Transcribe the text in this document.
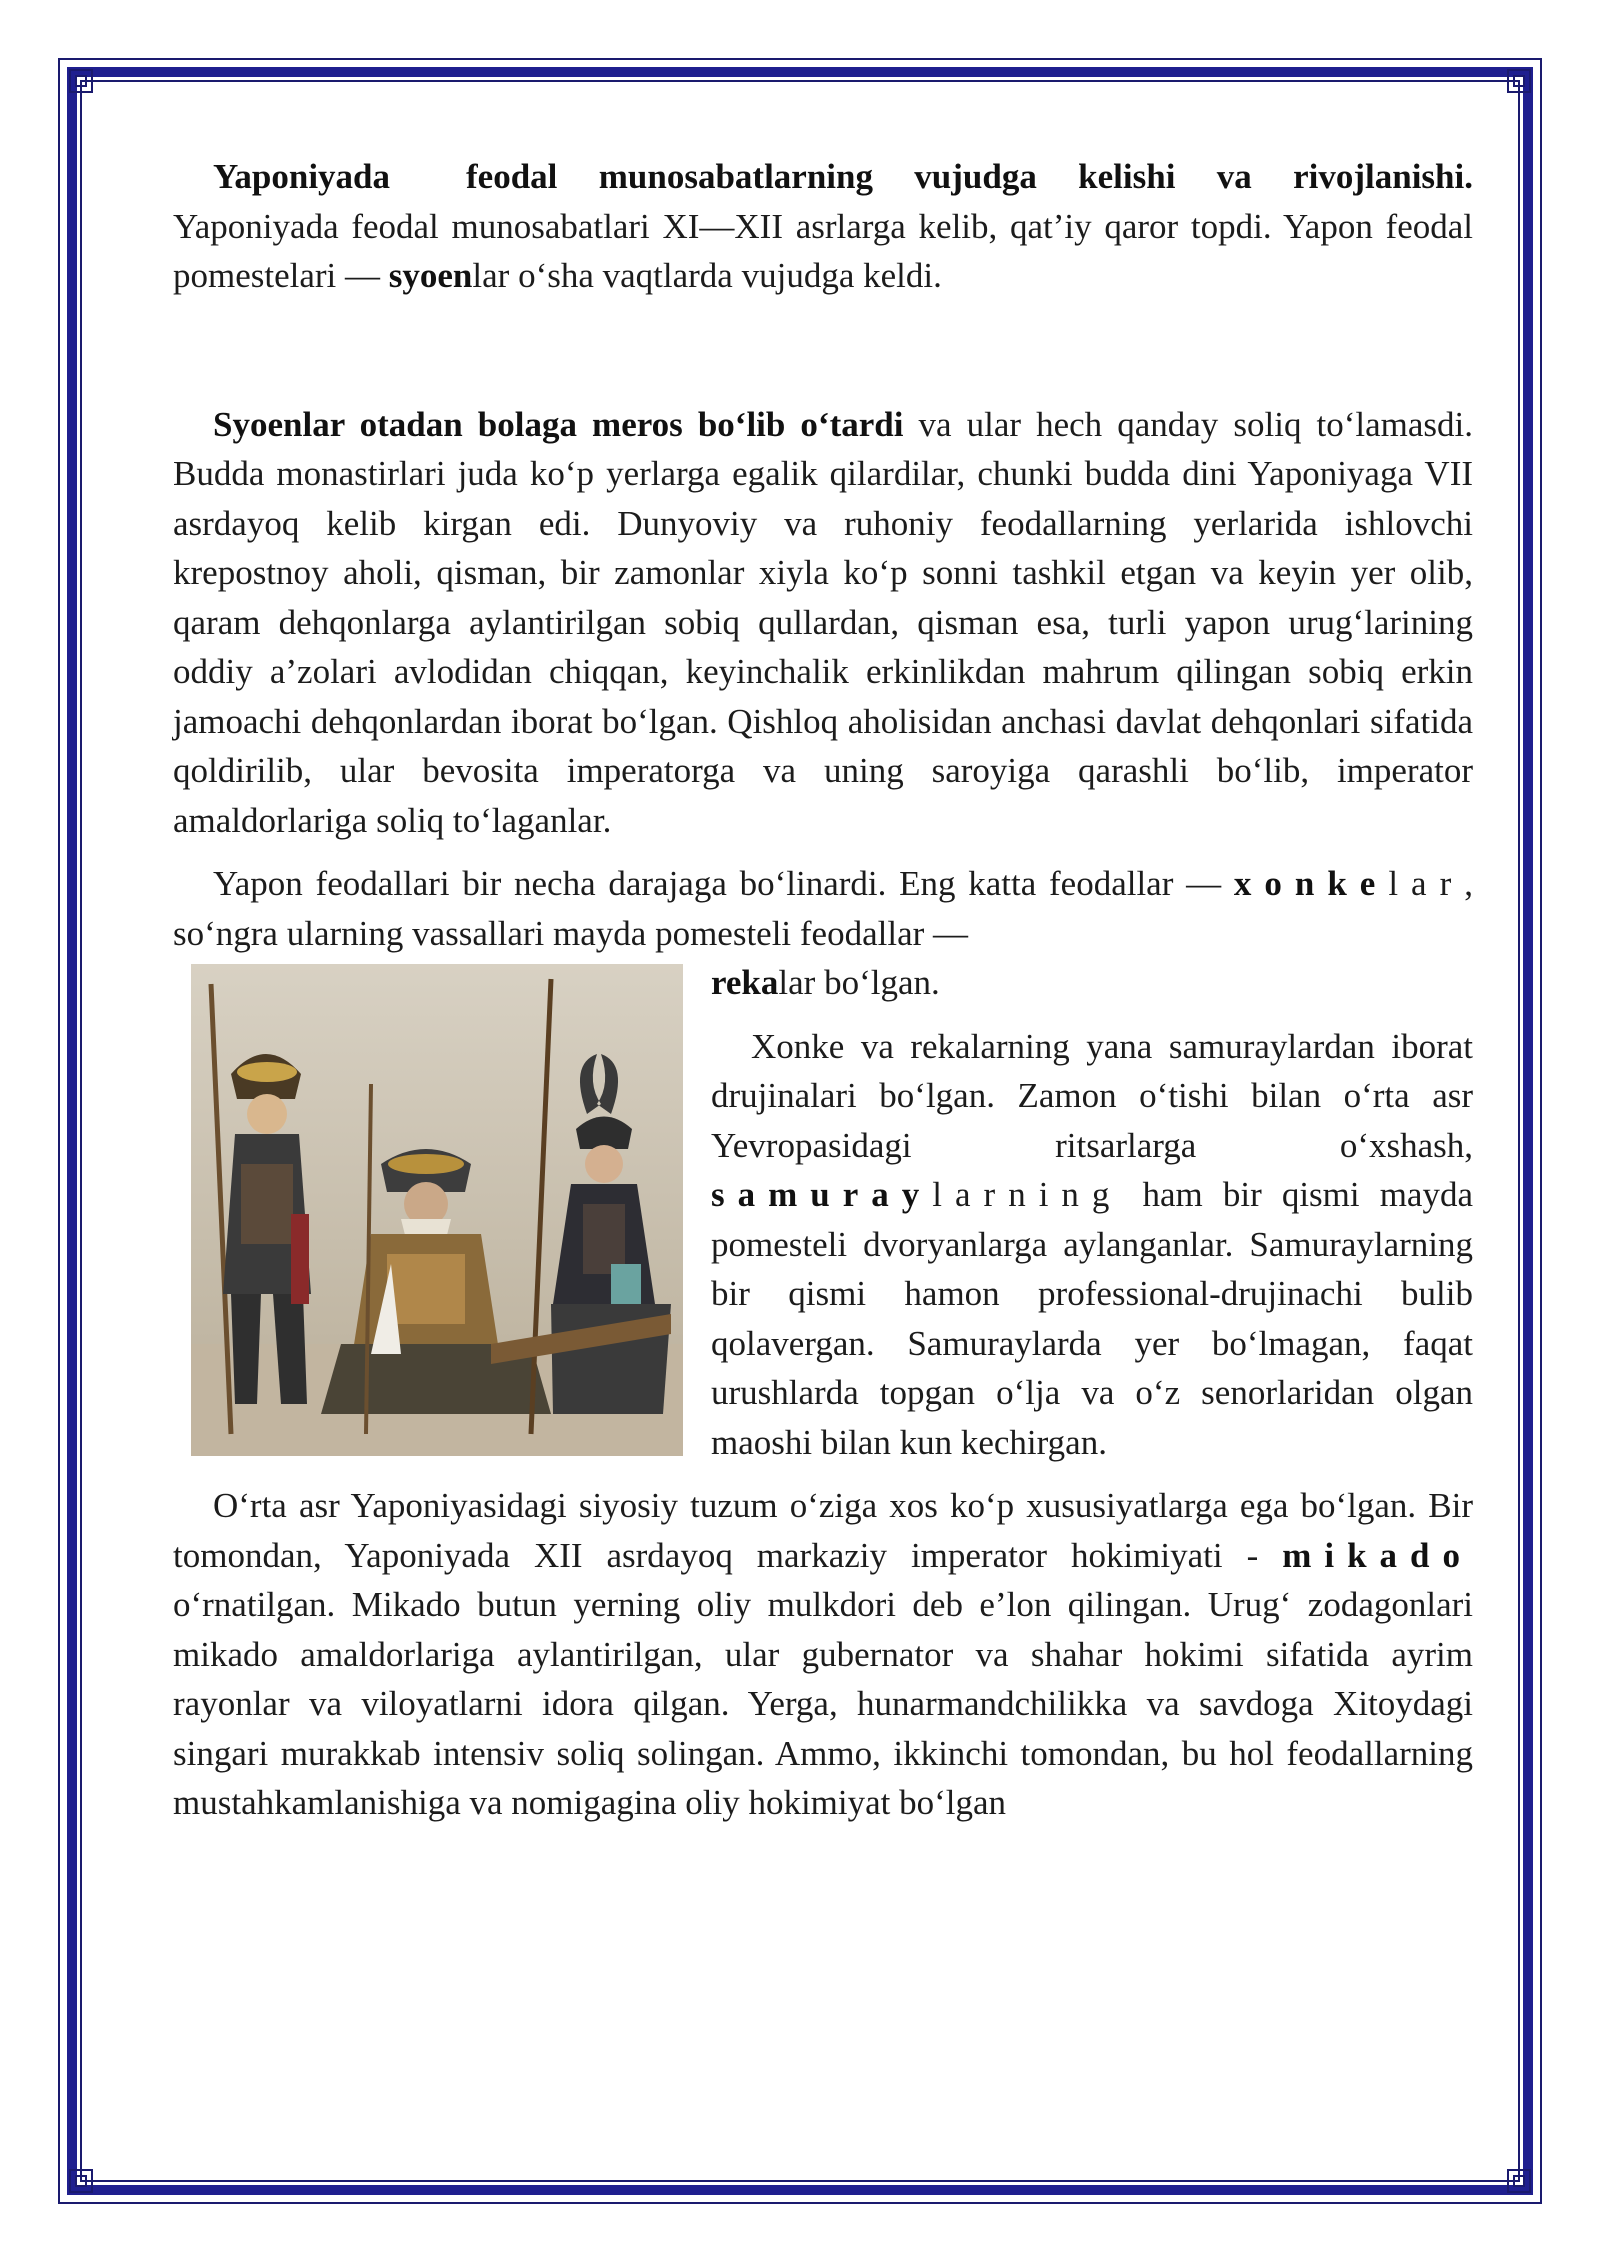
Yaponiyada feodal munosabatlarning vujudga kelishi va rivojlanishi. Yaponiyada feodal munosabatlari XI—XII asrlarga kelib, qat’iy qaror topdi. Yapon feodal pomestelari — syoenlar o‘sha vaqtlarda vujudga keldi.

Syoenlar otadan bolaga meros bo‘lib o‘tardi va ular hech qanday soliq to‘lamasdi. Budda monastirlari juda ko‘p yerlarga egalik qilardilar, chunki budda dini Yaponiyaga VII asrdayoq kelib kirgan edi. Dunyoviy va ruhoniy feodallarning yerlarida ishlovchi krepostnoy aholi, qisman, bir zamonlar xiyla ko‘p sonni tashkil etgan va keyin yer olib, qaram dehqonlarga aylantirilgan sobiq qullardan, qisman esa, turli yapon urug‘larining oddiy a’zolari avlodidan chiqqan, keyinchalik erkinlikdan mahrum qilingan sobiq erkin jamoachi dehqonlardan iborat bo‘lgan. Qishloq aholisidan anchasi davlat dehqonlari sifatida qoldirilib, ular bevosita imperatorga va uning saroyiga qarashli bo‘lib, imperator amaldorlariga soliq to‘laganlar.

Yapon feodallari bir necha darajaga bo‘linardi. Eng katta feodallar — xonkelar, so‘ngra ularning vassallari mayda pomesteli feodallar —

rekalar bo‘lgan.

Xonke va rekalarning yana samuraylardan iborat drujinalari bo‘lgan. Zamon o‘tishi bilan o‘rta asr Yevropasidagi ritsarlarga o‘xshash, samuraylarning ham bir qismi mayda pomesteli dvoryanlarga aylanganlar. Samuraylarning bir qismi hamon professional-drujinachi bulib qolavergan. Samuraylarda yer bo‘lmagan, faqat urushlarda topgan o‘lja va o‘z senorlaridan olgan maoshi bilan kun kechirgan.

O‘rta asr Yaponiyasidagi siyosiy tuzum o‘ziga xos ko‘p xususiyatlarga ega bo‘lgan. Bir tomondan, Yaponiyada XII asrdayoq markaziy imperator hokimiyati - mikado o‘rnatilgan. Mikado butun yerning oliy mulkdori deb e’lon qilingan. Urug‘ zodagonlari mikado amaldorlariga aylantirilgan, ular gubernator va shahar hokimi sifatida ayrim rayonlar va viloyatlarni idora qilgan. Yerga, hunarmandchilikka va savdoga Xitoydagi singari murakkab intensiv soliq solingan. Ammo, ikkinchi tomondan, bu hol feodallarning mustahkamlanishiga va nomigagina oliy hokimiyat bo‘lgan
